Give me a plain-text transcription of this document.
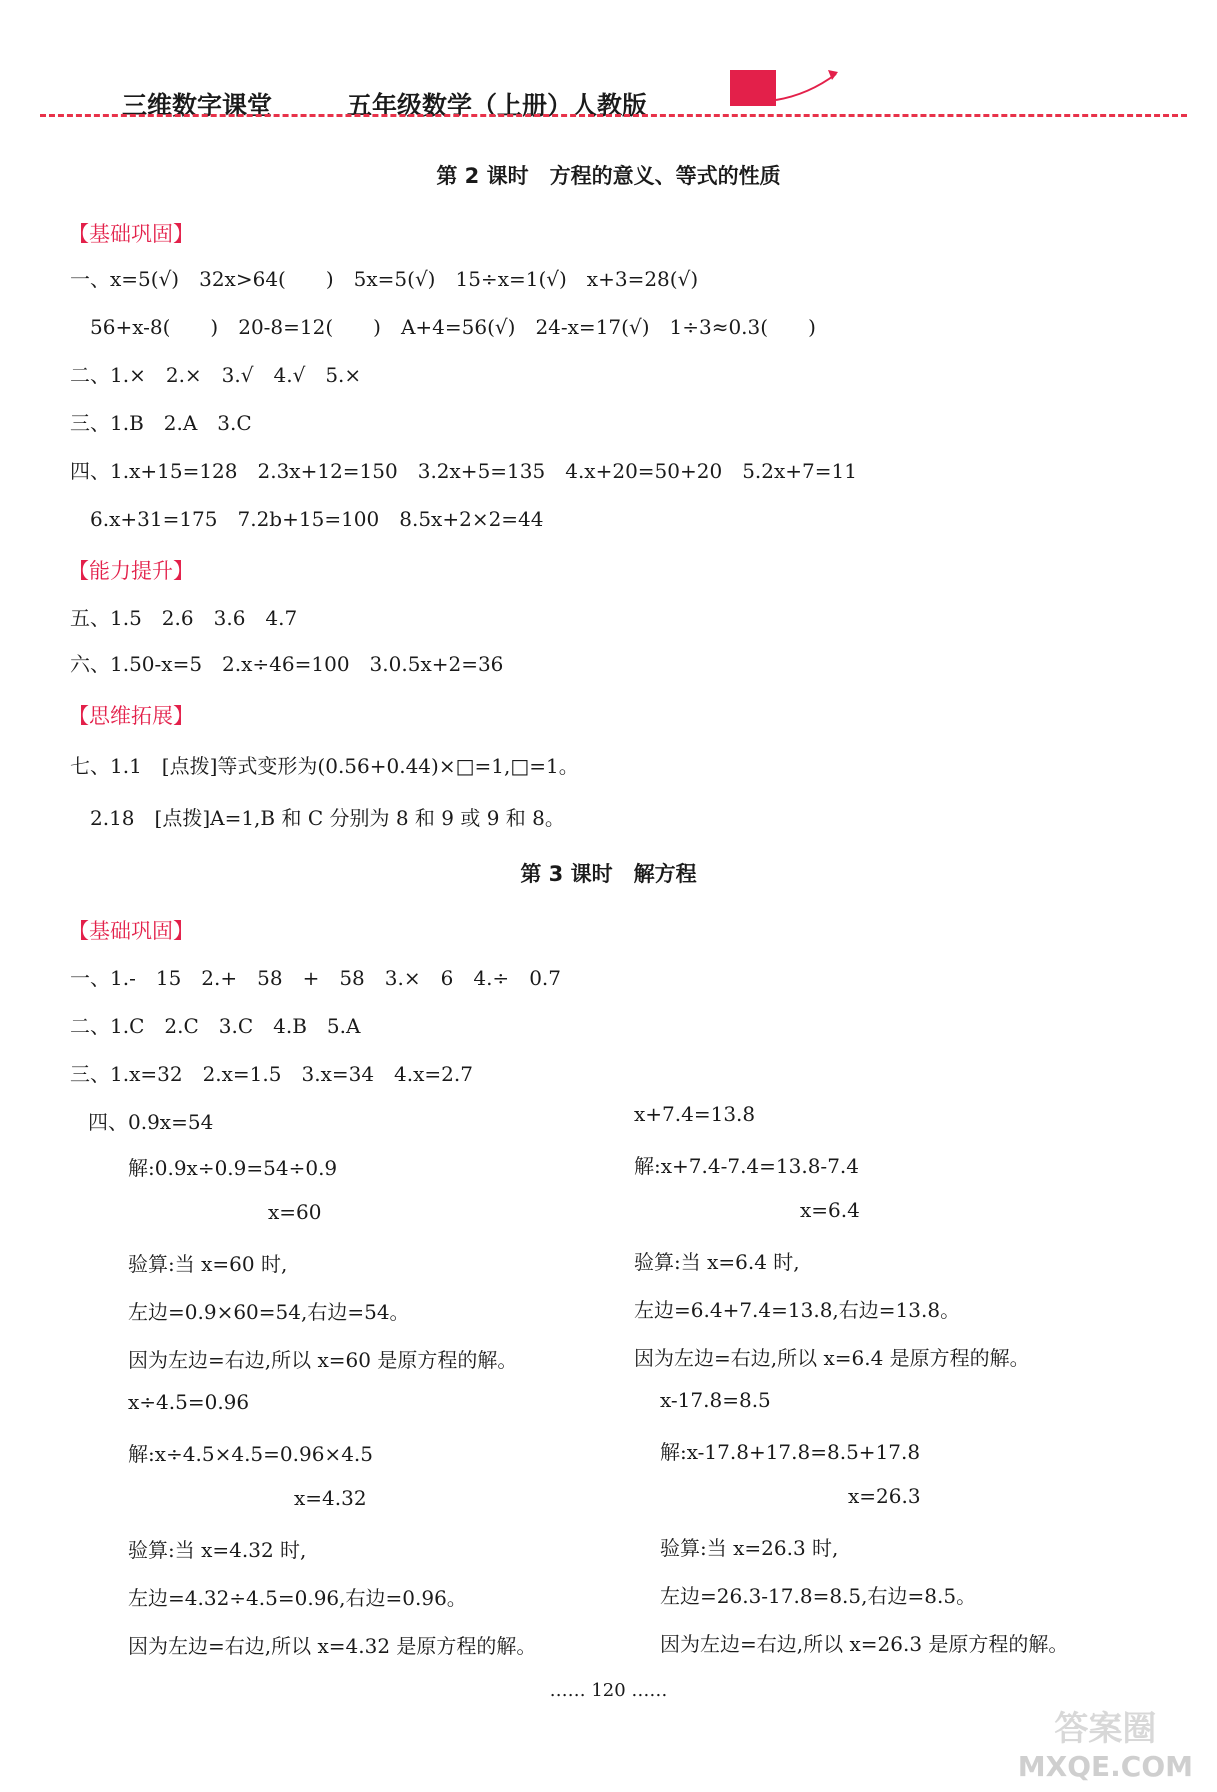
三维数字课堂	五年级数学（上册）人教版
第 2 课时　方程的意义、等式的性质
【基础巩固】
一、x=5(√)　32x>64(　　)　5x=5(√)　15÷x=1(√)　x+3=28(√)
　56+x-8(　　)　20-8=12(　　)　A+4=56(√)　24-x=17(√)　1÷3≈0.3(　　)
二、1.×　2.×　3.√　4.√　5.×
三、1.B　2.A　3.C
四、1.x+15=128　2.3x+12=150　3.2x+5=135　4.x+20=50+20　5.2x+7=11
　6.x+31=175　7.2b+15=100　8.5x+2×2=44
【能力提升】
五、1.5　2.6　3.6　4.7
六、1.50-x=5　2.x÷46=100　3.0.5x+2=36
【思维拓展】
七、1.1　[点拨]等式变形为(0.56+0.44)×□=1,□=1。
　2.18　[点拨]A=1,B 和 C 分别为 8 和 9 或 9 和 8。
第 3 课时　解方程
【基础巩固】
一、1.-　15　2.+　58　+　58　3.×　6　4.÷　0.7
二、1.C　2.C　3.C　4.B　5.A
三、1.x=32　2.x=1.5　3.x=34　4.x=2.7
四、0.9x=54
解:0.9x÷0.9=54÷0.9
x=60
验算:当 x=60 时,
左边=0.9×60=54,右边=54。
因为左边=右边,所以 x=60 是原方程的解。
x+7.4=13.8
解:x+7.4-7.4=13.8-7.4
x=6.4
验算:当 x=6.4 时,
左边=6.4+7.4=13.8,右边=13.8。
因为左边=右边,所以 x=6.4 是原方程的解。
x÷4.5=0.96
解:x÷4.5×4.5=0.96×4.5
x=4.32
验算:当 x=4.32 时,
左边=4.32÷4.5=0.96,右边=0.96。
因为左边=右边,所以 x=4.32 是原方程的解。
x-17.8=8.5
解:x-17.8+17.8=8.5+17.8
x=26.3
验算:当 x=26.3 时,
左边=26.3-17.8=8.5,右边=8.5。
因为左边=右边,所以 x=26.3 是原方程的解。
…… 120 ……
答案圈
MXQE.COM
